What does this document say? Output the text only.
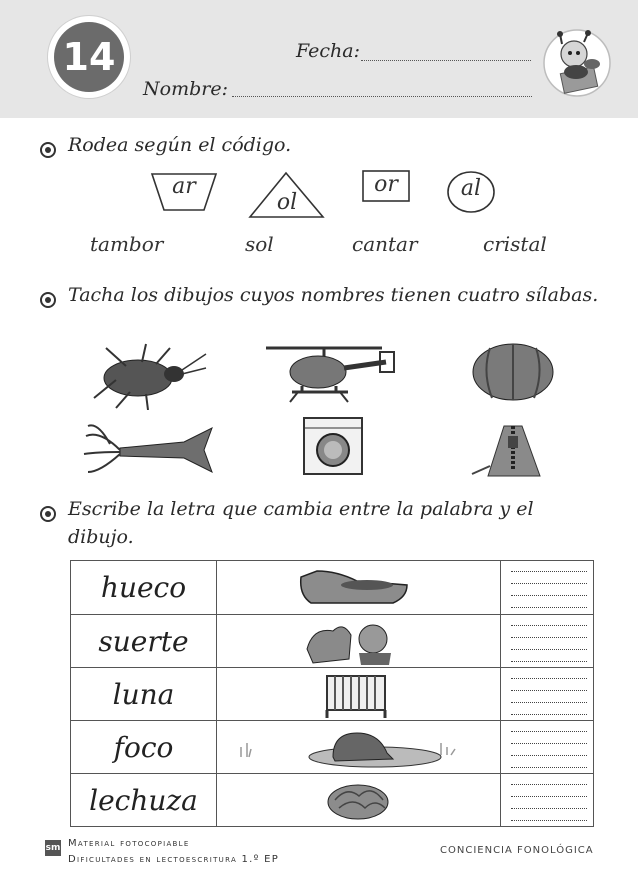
14	Fecha:
Nombre:
Rodea según el código.
ar
ol
or	al
tambor	sol	cantar	cristal
Tacha los dibujos cuyos nombres tienen cuatro sílabas.
Escribe la letra que cambia entre la palabra y el
dibujo.
hueco
suerte
luna
foco
lechuza
sm Material fotocopiable
Dificultades en lectoescritura 1.º EP
CONCIENCIA FONOLÓGICA
